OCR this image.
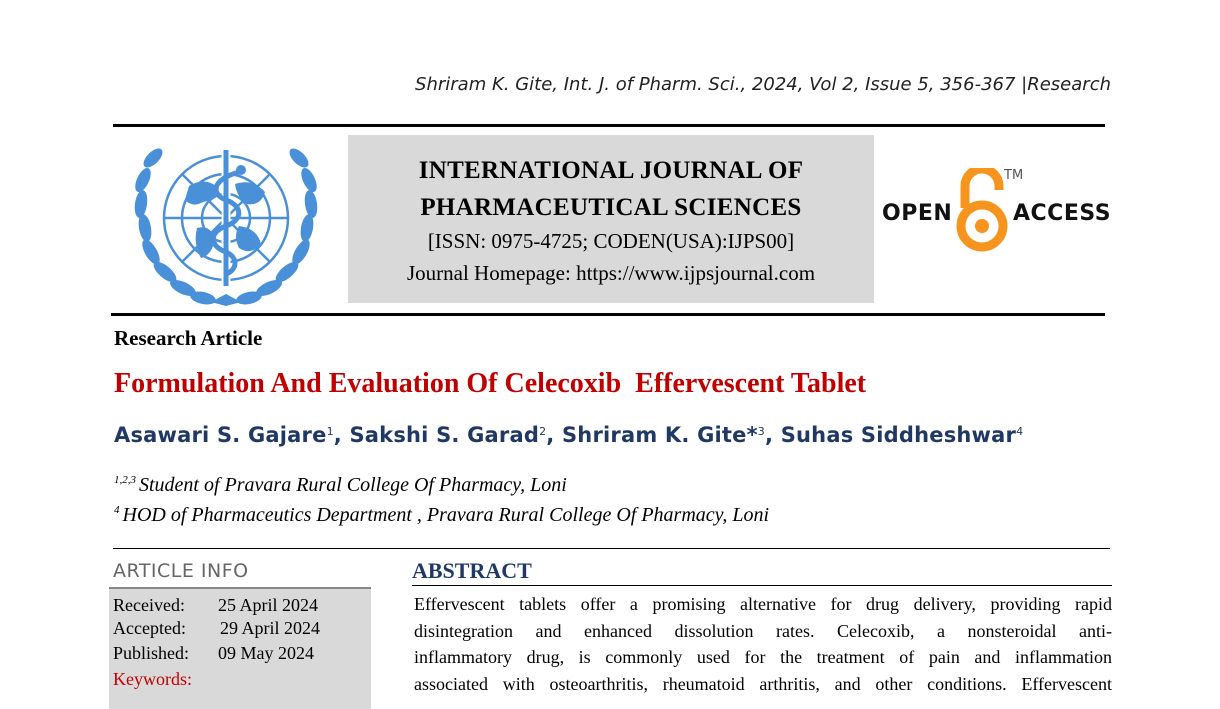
Shriram K. Gite, Int. J. of Pharm. Sci., 2024, Vol 2, Issue 5, 356-367 |Research
INTERNATIONAL JOURNAL OF
PHARMACEUTICAL SCIENCES
[ISSN: 0975-4725; CODEN(USA):IJPS00]
Journal Homepage: https://www.ijpsjournal.com
OPEN
TM
ACCESS
Research Article
Formulation And Evaluation Of Celecoxib  Effervescent Tablet
Asawari S. Gajare$^1$, Sakshi S. Garad$^2$, Shriram K. Gite*$^3$, Suhas Siddheshwar$^4$
$^{1,2,3}$ Student of Pravara Rural College Of Pharmacy, Loni
$^4$ HOD of Pharmaceutics Department , Pravara Rural College Of Pharmacy, Loni
ARTICLE INFO
Received: 25 April 2024
Accepted: 29 April 2024
Published: 09 May 2024
Keywords:
ABSTRACT
Effervescent tablets offer a promising alternative for drug delivery, providing rapid
disintegration and enhanced dissolution rates. Celecoxib, a nonsteroidal anti-
inflammatory drug, is commonly used for the treatment of pain and inflammation
associated with osteoarthritis, rheumatoid arthritis, and other conditions. Effervescent
